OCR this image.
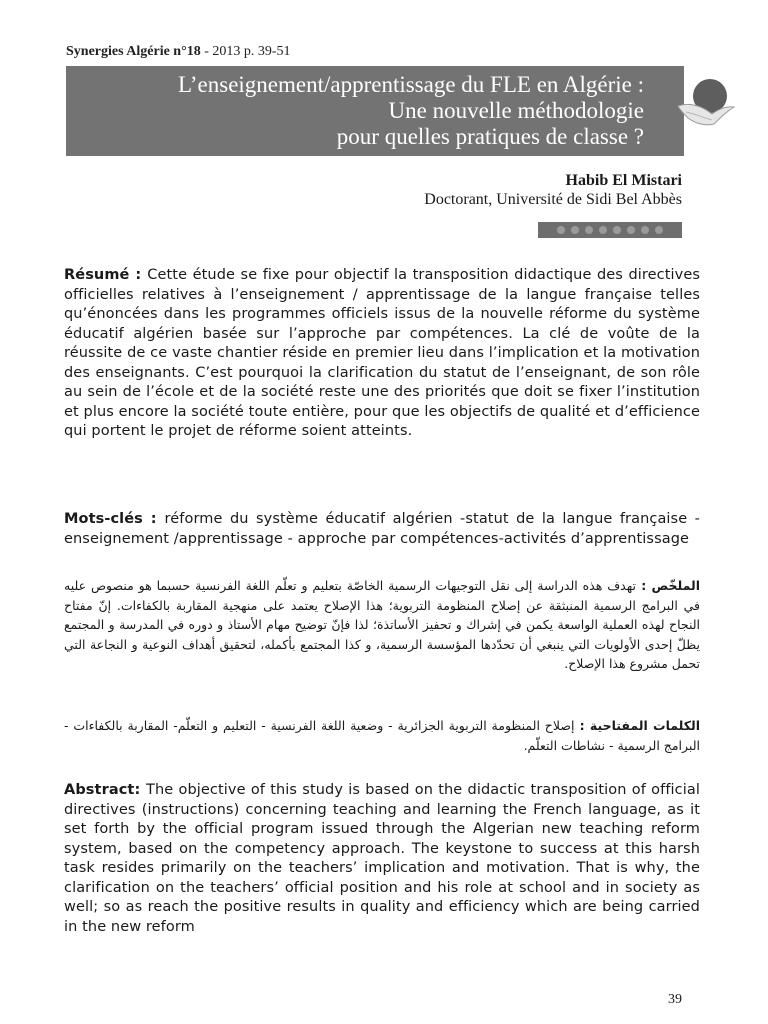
Synergies Algérie n°18 - 2013 p. 39-51
L’enseignement/apprentissage du FLE en Algérie :
Une nouvelle méthodologie
pour quelles pratiques de classe ?
Habib El Mistari
Doctorant, Université de Sidi Bel Abbès

Résumé : Cette étude se fixe pour objectif la transposition didactique des directives officielles relatives à l’enseignement / apprentissage de la langue française telles qu’énoncées dans les programmes officiels issus de la nouvelle réforme du système éducatif algérien basée sur l’approche par compétences. La clé de voûte de la réussite de ce vaste chantier réside en premier lieu dans l’implication et la motivation des enseignants. C’est pourquoi la clarification du statut de l’enseignant, de son rôle au sein de l’école et de la société reste une des priorités que doit se fixer l’institution et plus encore la société toute entière, pour que les objectifs de qualité et d’efficience qui portent le projet de réforme soient atteints.

Mots-clés : réforme du système éducatif algérien -statut de la langue française - enseignement /apprentissage - approche par compétences-activités d’apprentissage

الملخّص : تهدف هذه الدراسة إلى نقل التوجيهات الرسمية الخاصّة بتعليم و تعلّم اللغة الفرنسية حسبما هو منصوص عليه في البرامج الرسمية المنبثقة عن إصلاح المنظومة التربوية؛ هذا الإصلاح يعتمد على منهجية المقاربة بالكفاءات. إنّ مفتاح النجاح لهذه العملية الواسعة يكمن في إشراك و تحفيز الأساتذة؛ لذا فإنّ توضيح مهام الأستاذ و دوره في المدرسة و المجتمع يظلّ إحدى الأولويات التي ينبغي أن تحدّدها المؤسسة الرسمية، و كذا المجتمع بأكمله، لتحقيق أهداف النوعية و النجاعة التي تحمل مشروع هذا الإصلاح.

الكلمات المفتاحية : إصلاح المنظومة التربوية الجزائرية - وضعية اللغة الفرنسية - التعليم و التعلّم- المقاربة بالكفاءات - البرامج الرسمية - نشاطات التعلّم.

Abstract: The objective of this study is based on the didactic transposition of official directives (instructions) concerning teaching and learning the French language, as it set forth by the official program issued through the Algerian new teaching reform system, based on the competency approach. The keystone to success at this harsh task resides primarily on the teachers’ implication and motivation. That is why, the clarification on the teachers’ official position and his role at school and in society as well; so as reach the positive results in quality and efficiency which are being carried in the new reform

39
